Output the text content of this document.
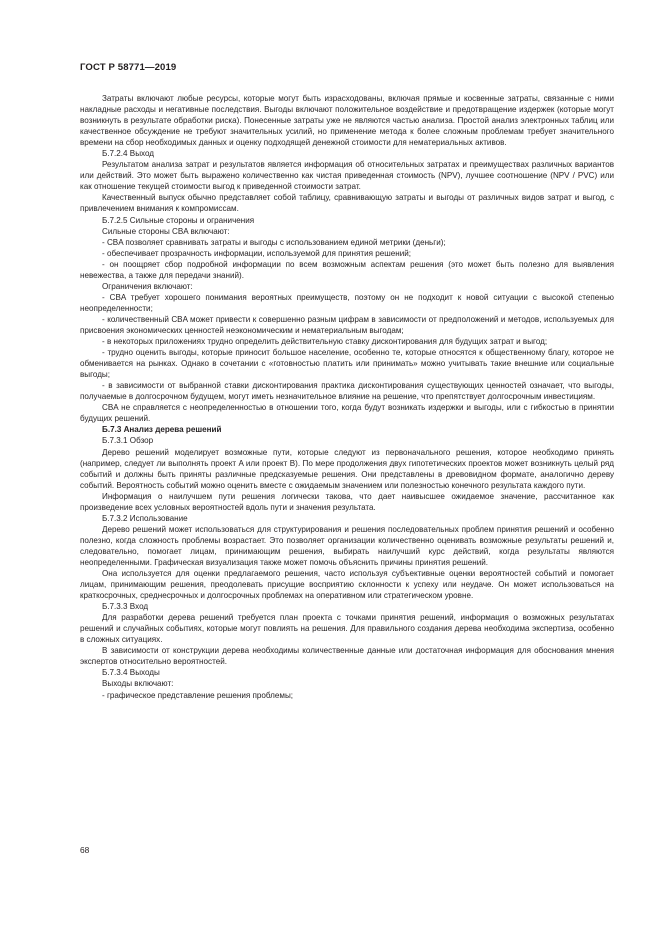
ГОСТ Р 58771—2019

Затраты включают любые ресурсы, которые могут быть израсходованы, включая прямые и косвенные затраты, связанные с ними накладные расходы и негативные последствия. Выгоды включают положительное воздействие и предотвращение издержек (которые могут возникнуть в результате обработки риска). Понесенные затраты уже не являются частью анализа. Простой анализ электронных таблиц или качественное обсуждение не требуют значительных усилий, но применение метода к более сложным проблемам требует значительного времени на сбор необходимых данных и оценку подходящей денежной стоимости для нематериальных активов.

Б.7.2.4 Выход

Результатом анализа затрат и результатов является информация об относительных затратах и преимуществах различных вариантов или действий. Это может быть выражено количественно как чистая приведенная стоимость (NPV), лучшее соотношение (NPV / PVC) или как отношение текущей стоимости выгод к приведенной стоимости затрат.

Качественный выпуск обычно представляет собой таблицу, сравнивающую затраты и выгоды от различных видов затрат и выгод, с привлечением внимания к компромиссам.

Б.7.2.5 Сильные стороны и ограничения

Сильные стороны CBA включают:

- CBA позволяет сравнивать затраты и выгоды с использованием единой метрики (деньги);

- обеспечивает прозрачность информации, используемой для принятия решений;

- он поощряет сбор подробной информации по всем возможным аспектам решения (это может быть полезно для выявления невежества, а также для передачи знаний).

Ограничения включают:

- CBA требует хорошего понимания вероятных преимуществ, поэтому он не подходит к новой ситуации с высокой степенью неопределенности;

- количественный CBA может привести к совершенно разным цифрам в зависимости от предположений и методов, используемых для присвоения экономических ценностей неэкономическим и нематериальным выгодам;

- в некоторых приложениях трудно определить действительную ставку дисконтирования для будущих затрат и выгод;

- трудно оценить выгоды, которые приносит большое население, особенно те, которые относятся к общественному благу, которое не обменивается на рынках. Однако в сочетании с «готовностью платить или принимать» можно учитывать такие внешние или социальные выгоды;

- в зависимости от выбранной ставки дисконтирования практика дисконтирования существующих ценностей означает, что выгоды, получаемые в долгосрочном будущем, могут иметь незначительное влияние на решение, что препятствует долгосрочным инвестициям.

CBA не справляется с неопределенностью в отношении того, когда будут возникать издержки и выгоды, или с гибкостью в принятии будущих решений.

Б.7.3 Анализ дерева решений

Б.7.3.1 Обзор

Дерево решений моделирует возможные пути, которые следуют из первоначального решения, которое необходимо принять (например, следует ли выполнять проект A или проект B). По мере продолжения двух гипотетических проектов может возникнуть целый ряд событий и должны быть приняты различные предсказуемые решения. Они представлены в древовидном формате, аналогично дереву событий. Вероятность событий можно оценить вместе с ожидаемым значением или полезностью конечного результата каждого пути.

Информация о наилучшем пути решения логически такова, что дает наивысшее ожидаемое значение, рассчитанное как произведение всех условных вероятностей вдоль пути и значения результата.

Б.7.3.2 Использование

Дерево решений может использоваться для структурирования и решения последовательных проблем принятия решений и особенно полезно, когда сложность проблемы возрастает. Это позволяет организации количественно оценивать возможные результаты решений и, следовательно, помогает лицам, принимающим решения, выбирать наилучший курс действий, когда результаты являются неопределенными. Графическая визуализация также может помочь объяснить причины принятия решений.

Она используется для оценки предлагаемого решения, часто используя субъективные оценки вероятностей событий и помогает лицам, принимающим решения, преодолевать присущие восприятию склонности к успеху или неудаче. Он может использоваться на краткосрочных, среднесрочных и долгосрочных проблемах на оперативном или стратегическом уровне.

Б.7.3.3 Вход

Для разработки дерева решений требуется план проекта с точками принятия решений, информация о возможных результатах решений и случайных событиях, которые могут повлиять на решения. Для правильного создания дерева необходима экспертиза, особенно в сложных ситуациях.

В зависимости от конструкции дерева необходимы количественные данные или достаточная информация для обоснования мнения экспертов относительно вероятностей.

Б.7.3.4 Выходы

Выходы включают:

- графическое представление решения проблемы;

68
